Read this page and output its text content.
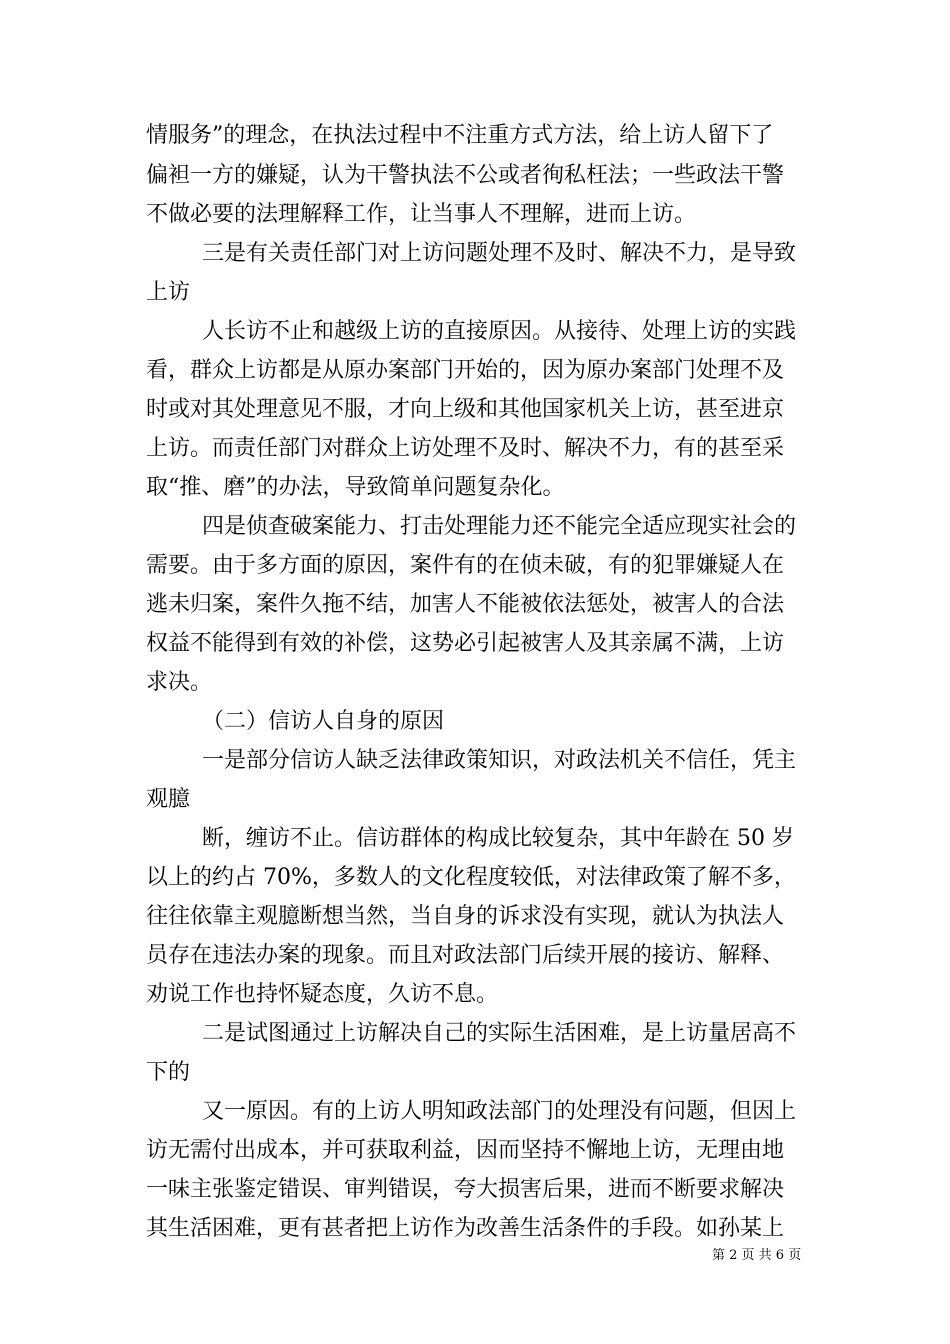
情服务”的理念，在执法过程中不注重方式方法，给上访人留下了

偏袒一方的嫌疑，认为干警执法不公或者徇私枉法；一些政法干警

不做必要的法理解释工作，让当事人不理解，进而上访。

三是有关责任部门对上访问题处理不及时、解决不力，是导致

上访

人长访不止和越级上访的直接原因。从接待、处理上访的实践

看，群众上访都是从原办案部门开始的，因为原办案部门处理不及

时或对其处理意见不服，才向上级和其他国家机关上访，甚至进京

上访。而责任部门对群众上访处理不及时、解决不力，有的甚至采

取“推、磨”的办法，导致简单问题复杂化。

四是侦查破案能力、打击处理能力还不能完全适应现实社会的

需要。由于多方面的原因，案件有的在侦未破，有的犯罪嫌疑人在

逃未归案，案件久拖不结，加害人不能被依法惩处，被害人的合法

权益不能得到有效的补偿，这势必引起被害人及其亲属不满，上访

求决。

（二）信访人自身的原因

一是部分信访人缺乏法律政策知识，对政法机关不信任，凭主

观臆

断，缠访不止。信访群体的构成比较复杂，其中年龄在 50 岁

以上的约占 70%，多数人的文化程度较低，对法律政策了解不多，

往往依靠主观臆断想当然，当自身的诉求没有实现，就认为执法人

员存在违法办案的现象。而且对政法部门后续开展的接访、解释、

劝说工作也持怀疑态度，久访不息。

二是试图通过上访解决自己的实际生活困难，是上访量居高不

下的

又一原因。有的上访人明知政法部门的处理没有问题，但因上

访无需付出成本，并可获取利益，因而坚持不懈地上访，无理由地

一味主张鉴定错误、审判错误，夸大损害后果，进而不断要求解决

其生活困难，更有甚者把上访作为改善生活条件的手段。如孙某上

第 2 页 共 6 页
